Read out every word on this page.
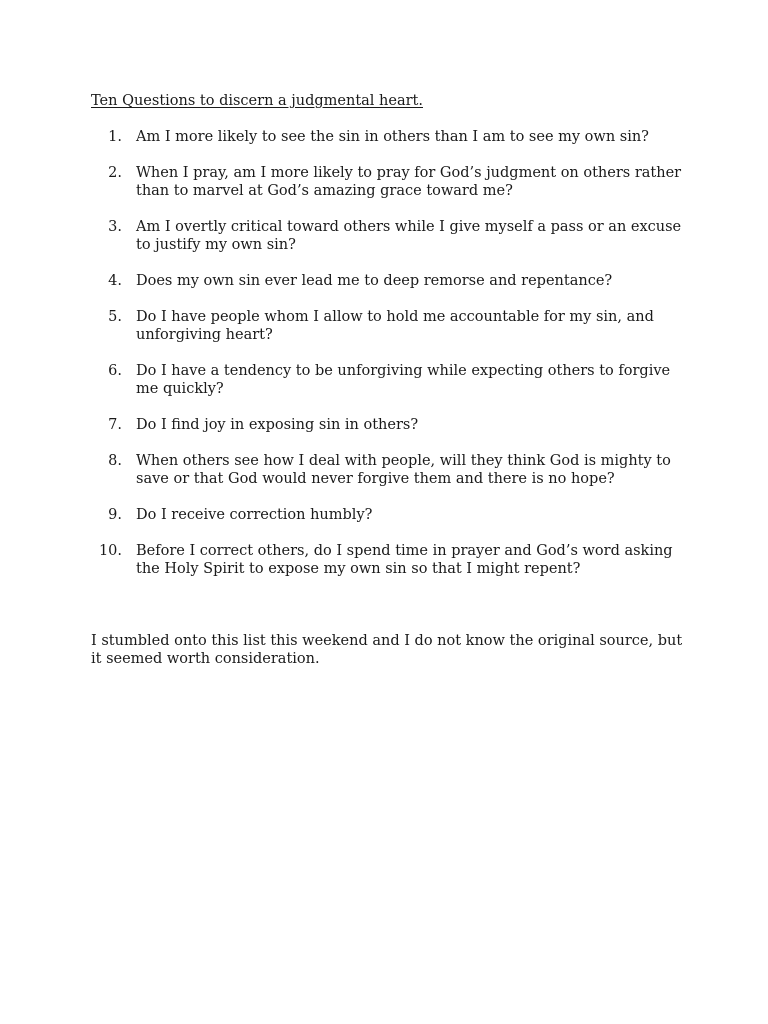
Ten Questions to discern a judgmental heart.
1. Am I more likely to see the sin in others than I am to see my own sin?
2. When I pray, am I more likely to pray for God’s judgment on others rather than to marvel at God’s amazing grace toward me?
3. Am I overtly critical toward others while I give myself a pass or an excuse to justify my own sin?
4. Does my own sin ever lead me to deep remorse and repentance?
5. Do I have people whom I allow to hold me accountable for my sin, and unforgiving heart?
6. Do I have a tendency to be unforgiving while expecting others to forgive me quickly?
7. Do I find joy in exposing sin in others?
8. When others see how I deal with people, will they think God is mighty to save or that God would never forgive them and there is no hope?
9. Do I receive correction humbly?
10. Before I correct others, do I spend time in prayer and God’s word asking the Holy Spirit to expose my own sin so that I might repent?

I stumbled onto this list this weekend and I do not know the original source, but it seemed worth consideration.
